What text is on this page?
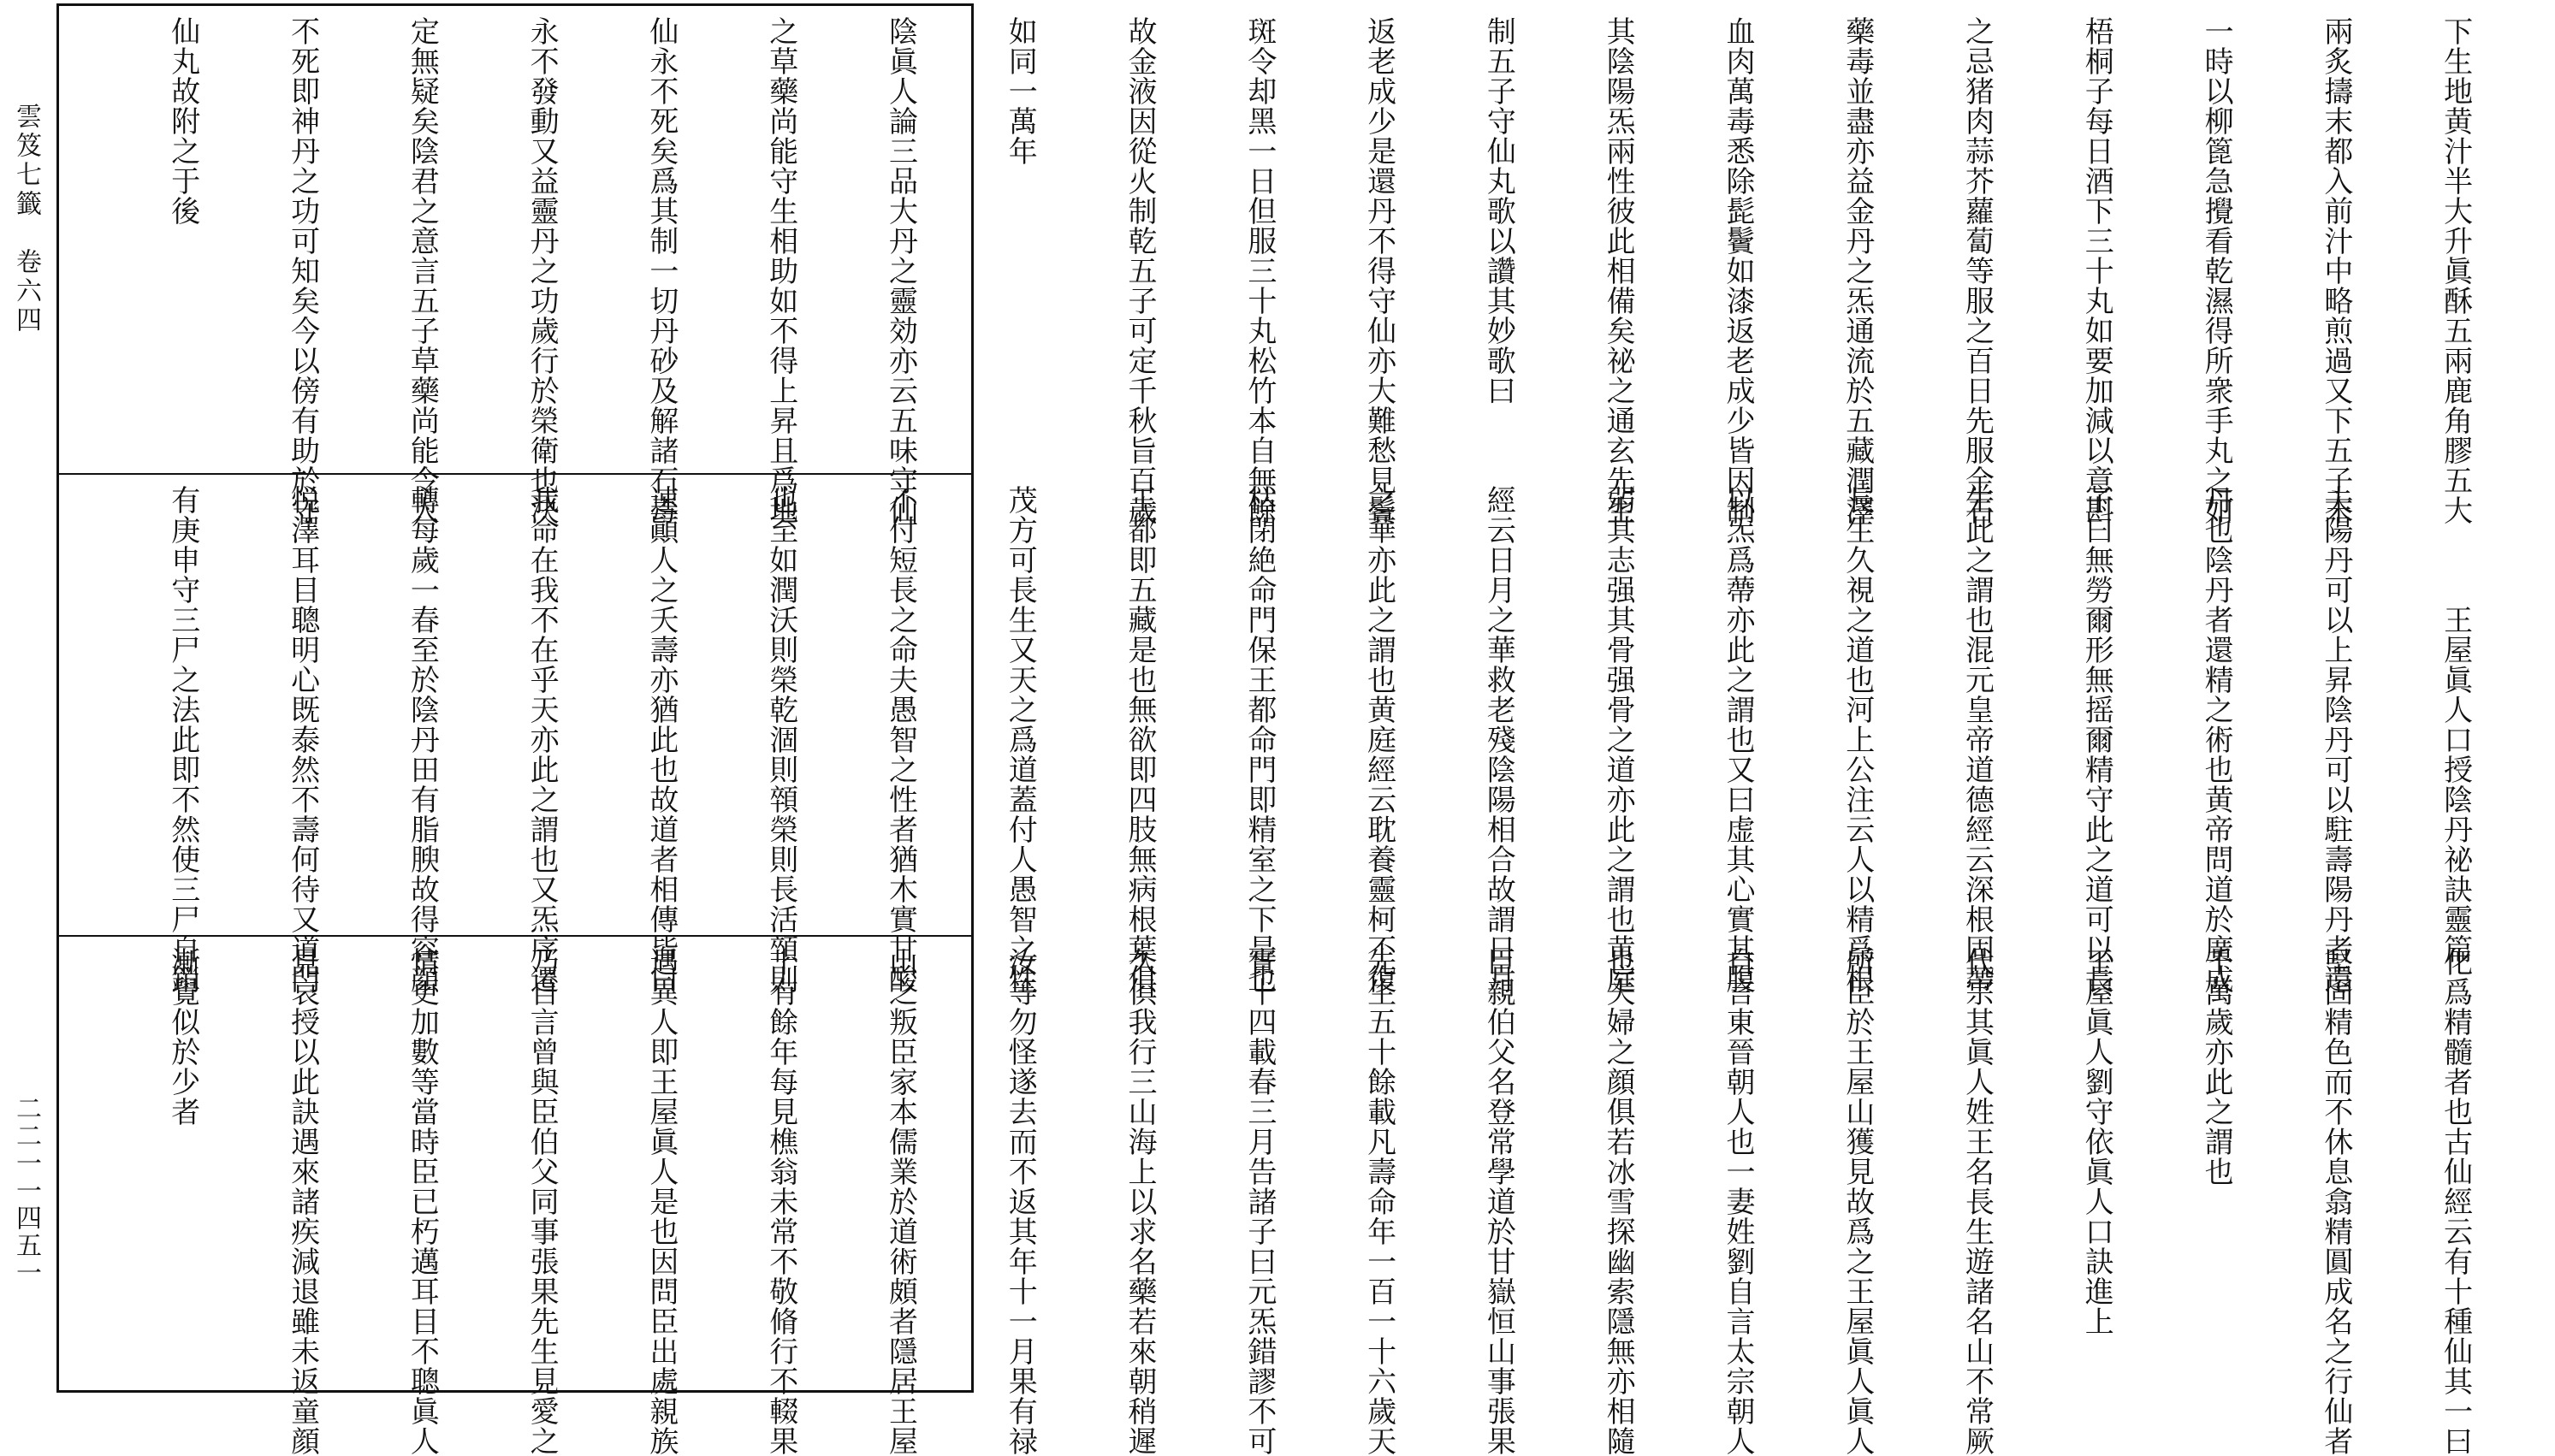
雲笈七籤　卷六四
二二一一四五一

下生地黄汁半大升眞酥五兩鹿角膠五大

兩炙擣末都入前汁中略煎過又下五子末

一時以柳篦急攪看乾濕得所衆手丸之如

梧桐子每日酒下三十丸如要加減以意斟

之忌猪肉蒜芥蘿蔔等服之百日先服金石

藥毒並盡亦益金丹之炁通流於五藏潤澤

血肉萬毒悉除髭鬢如漆返老成少皆因制

其陰陽炁兩性彼此相備矣祕之通玄先生

制五子守仙丸歌以讚其妙歌曰

返老成少是還丹不得守仙亦大難愁見鬢

斑令却黑一日但服三十丸松竹本自無餘

故金液因從火制乾五子可定千秋旨百歲

如同一萬年

陰眞人論三品大丹之靈効亦云五味守仙

之草藥尚能守生相助如不得上昇且爲地

仙永不死矣爲其制一切丹砂及解諸石毒

永不發動又益靈丹之功歲行於榮衛也決

定無疑矣陰君之意言五子草藥尚能令人

不死即神丹之功可知矣今以傍有助於守

仙丸故附之于後

王屋眞人口授陰丹祕訣靈篇

夫陽丹可以上昇陰丹可以駐壽陽丹者還

丹也陰丹者還精之術也黄帝問道於廣成

子曰無勞爾形無摇爾精守此之道可以長

生此之謂也混元皇帝道德經云深根固蔕

長生久視之道也河上公注云人以精爲根

以炁爲蔕亦此之謂也又曰虚其心實其腹

弱其志强其骨强骨之道亦此之謂也黄庭

經云日月之華救老殘陰陽相合故謂日月

之華亦此之謂也黄庭經云耽養靈柯不復

枯閉絶命門保王都命門即精室之下是也

王都即五藏是也無欲即四肢無病根葉俱

茂方可長生又天之爲道蓋付人愚智之性

不付短長之命夫愚智之性者猶木實甘酸

也至如潤沃則榮乾涸則顇榮則長活顇則

速顚人之夭壽亦猶此也故道者相傳皆曰

我命在我不在乎天亦此之謂也又炁序遷

轉每歲一春至於陰丹田有脂腴故得容顔

悦澤耳目聰明心既泰然不壽何待又道門

有庚申守三尸之法此即不然使三尸自銷

化爲精髓者也古仙經云有十種仙其一曰

堅固精色而不休息翕精圓成名之行仙者

千萬歲亦此之謂也

王屋眞人劉守依眞人口訣進上

代宗其眞人姓王名長生遊諸名山不常厥

所臣於王屋山獲見故爲之王屋眞人眞人

自言東晉朝人也一妻姓劉自言太宗朝人

也夫婦之顔俱若冰雪探幽索隱無亦相隨

臣親伯父名登常學道於甘嶽恒山事張果

先生五十餘載凡壽命年一百一十六歲天

實十四載春三月告諸子曰元炁錯謬不可

久俱我行三山海上以求名藥若來朝稍遲

汝等勿怪遂去而不返其年十一月果有禄

山之叛臣家本儒業於道術頗者隱居王屋

十有餘年每見樵翁未常不敬脩行不輟果

遇異人即王屋眞人是也因問臣出處親族

乃自言曾與臣伯父同事張果先生見愛之

情更加數等當時臣已朽邁耳目不聰眞人

見哀授以此訣遇來諸疾減退雖未返童顔

漸覺似於少者
